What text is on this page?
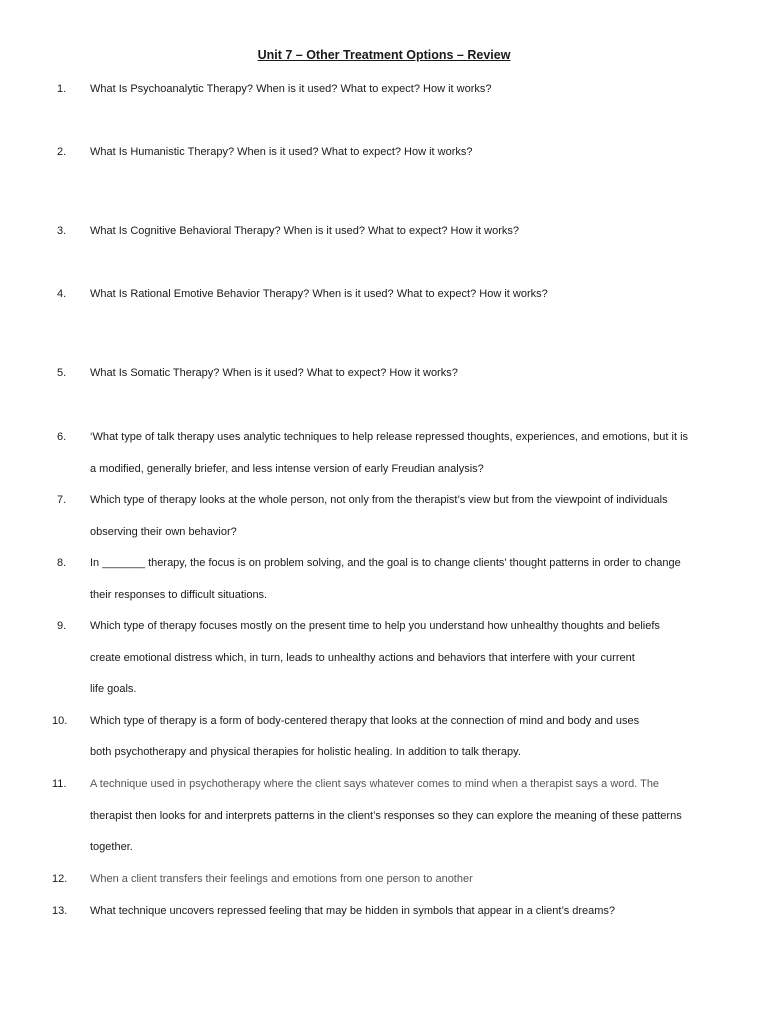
Unit 7 – Other Treatment Options – Review
1.	What Is Psychoanalytic Therapy? When is it used? What to expect? How it works?
2.	What Is Humanistic Therapy? When is it used? What to expect? How it works?
3.	What Is Cognitive Behavioral Therapy? When is it used? What to expect? How it works?
4.	What Is Rational Emotive Behavior Therapy? When is it used? What to expect? How it works?
5.	What Is Somatic Therapy? When is it used? What to expect? How it works?
6.	‘What type of talk therapy uses analytic techniques to help release repressed thoughts, experiences, and emotions, but it is
a modified, generally briefer, and less intense version of early Freudian analysis?
7.	Which type of therapy looks at the whole person, not only from the therapist’s view but from the viewpoint of individuals
observing their own behavior?
8.	In _______ therapy, the focus is on problem solving, and the goal is to change clients' thought patterns in order to change
their responses to difficult situations.
9.	Which type of therapy focuses mostly on the present time to help you understand how unhealthy thoughts and beliefs
create emotional distress which, in turn, leads to unhealthy actions and behaviors that interfere with your current
life goals.
10.	Which type of therapy is a form of body-centered therapy that looks at the connection of mind and body and uses
both psychotherapy and physical therapies for holistic healing. In addition to talk therapy.
11.	A technique used in psychotherapy where the client says whatever comes to mind when a therapist says a word. The
therapist then looks for and interprets patterns in the client’s responses so they can explore the meaning of these patterns
together.
12.	When a client transfers their feelings and emotions from one person to another
13.	What technique uncovers repressed feeling that may be hidden in symbols that appear in a client’s dreams?
